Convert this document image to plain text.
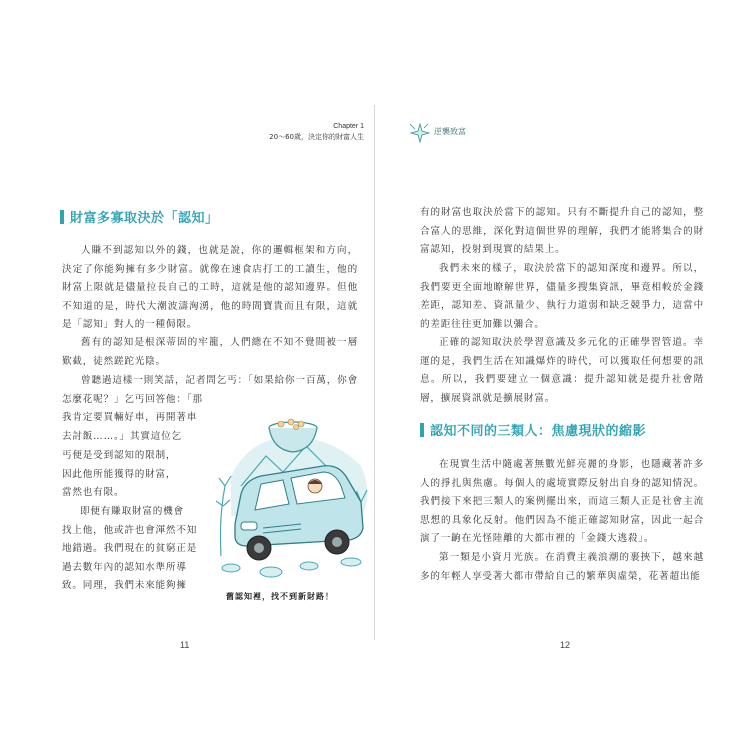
財富多寡取決於「認知」
人賺不到認知以外的錢，也就是說，你的邏輯框架和方向，決定了你能夠擁有多少財富。就像在速食店打工的工讀生，他的財富上限就是儘量拉長自己的工時，這就是他的認知邊界。但他不知道的是，時代大潮波濤洶湧，他的時間寶貴而且有限，這就是「認知」對人的一種侷限。
舊有的認知是根深蒂固的牢籠，人們總在不知不覺間被一層歎截，徒然蹉跎光陰。
曾聽過這樣一則笑話，記者問乞丐：「如果給你一百萬，你會怎麼花呢？」乞丐回答他：「那
我肯定要買輛好車，再開著車
去討飯……。」其實這位乞
丐便是受到認知的限制，
因此他所能獲得的財富，
當然也有限。
即便有賺取財富的機會
找上他，他或許也會渾然不知
地錯過。我們現在的貧窮正是
過去數年內的認知水準所導
致。同理，我們未來能夠擁
舊認知裡，找不到新財路！
11
逆襲致富
有的財富也取決於當下的認知。只有不斷提升自己的認知，整合富人的思維，深化對這個世界的理解，我們才能將集合的財富認知，投射到現實的結果上。
我們未來的樣子，取決於當下的認知深度和邊界。所以，我們要更全面地瞭解世界，儘量多搜集資訊，畢竟相較於金錢差距，認知差、資訊量少、執行力道弱和缺乏競爭力，這當中的差距往往更加難以彌合。
正確的認知取決於學習意識及多元化的正確學習管道。幸運的是，我們生活在知識爆炸的時代，可以獲取任何想要的訊息。所以，我們要建立一個意識：提升認知就是提升社會階層，擴展資訊就是擴展財富。
認知不同的三類人：焦慮現狀的縮影
在現實生活中隨處著無數光鮮亮麗的身影，也隱藏著許多人的掙扎與焦慮。每個人的處境實際反射出自身的認知情況。我們接下來把三類人的案例擺出來，而這三類人正是社會主流思想的具象化反射。他們因為不能正確認知財富，因此一起合演了一齣在光怪陸離的大都市裡的「金錢大逃殺」。
第一類是小資月光族。在消費主義浪潮的裹挾下，越來越多的年輕人享受著大都市帶給自己的繁華與虛榮，花著超出能
12
Chapter 1
20～60歲，決定你的財富人生
